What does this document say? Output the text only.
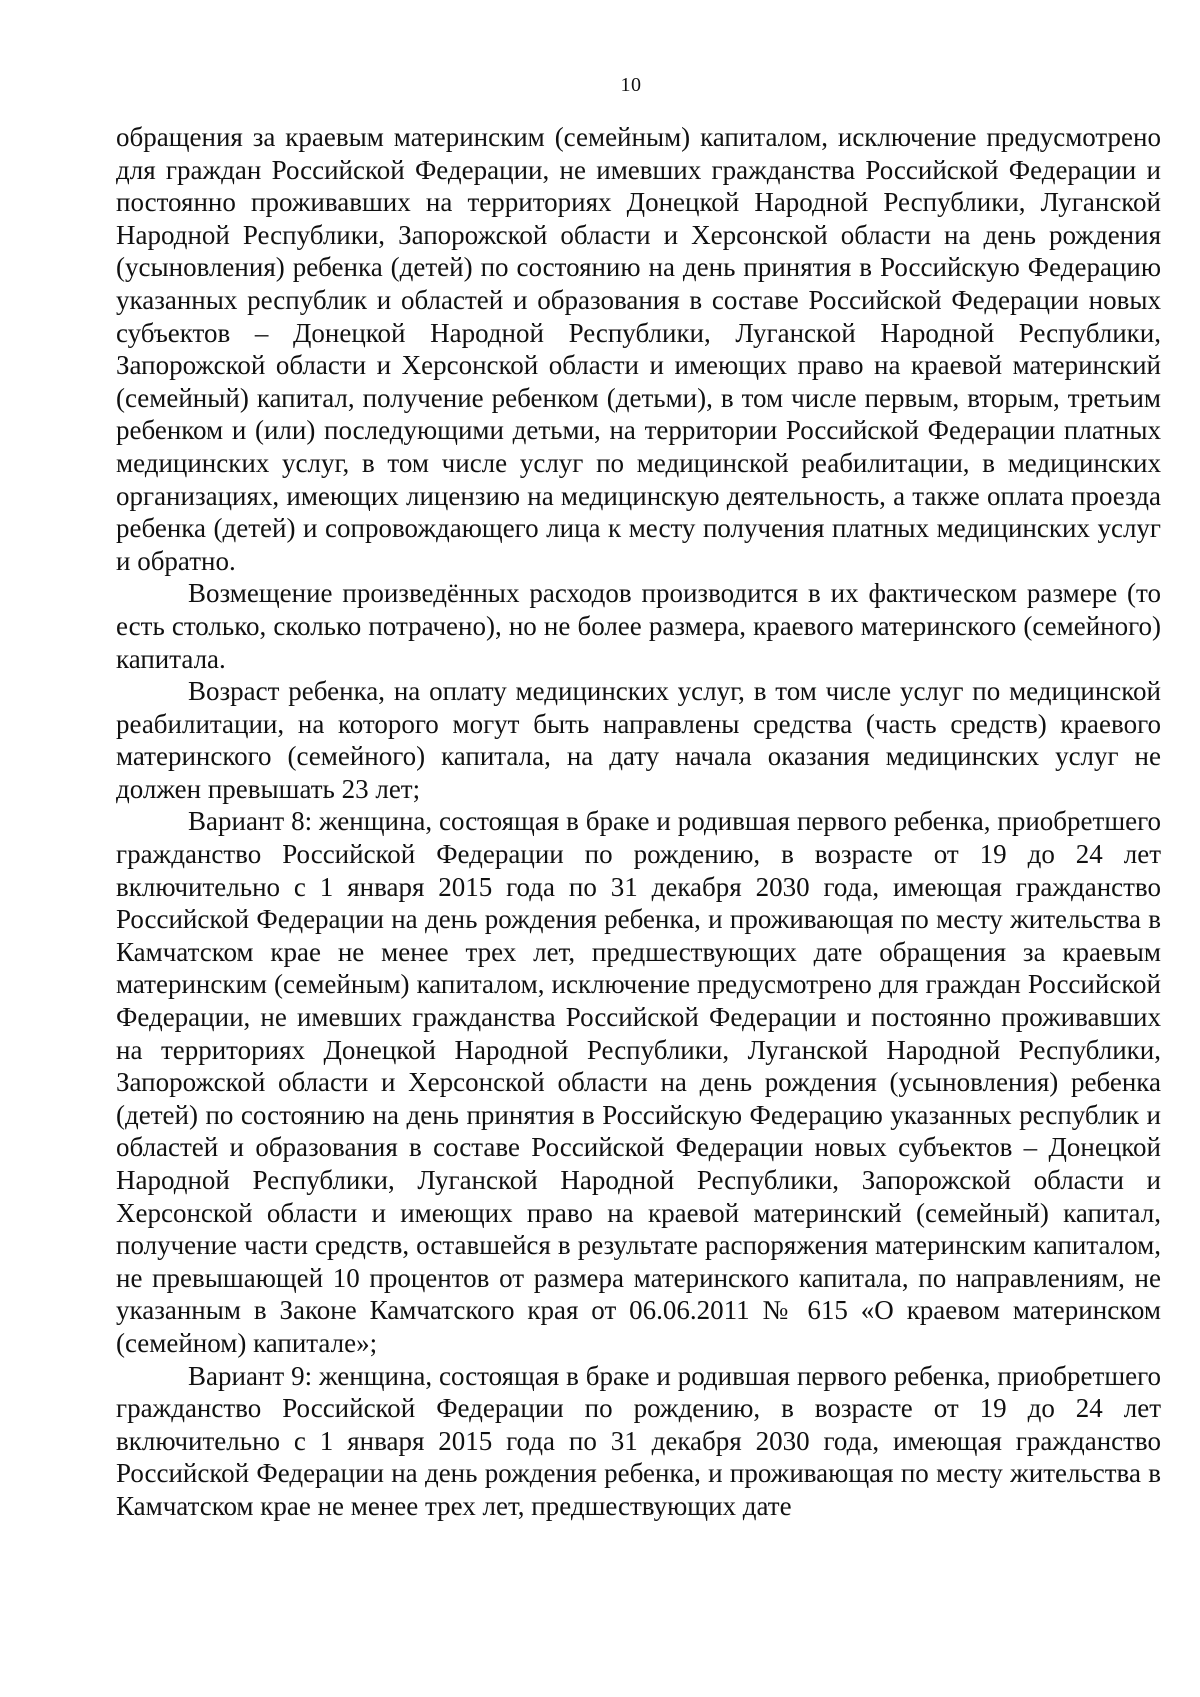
10

обращения за краевым материнским (семейным) капиталом, исключение предусмотрено для граждан Российской Федерации, не имевших гражданства Российской Федерации и постоянно проживавших на территориях Донецкой Народной Республики, Луганской Народной Республики, Запорожской области и Херсонской области на день рождения (усыновления) ребенка (детей) по состоянию на день принятия в Российскую Федерацию указанных республик и областей и образования в составе Российской Федерации новых субъектов – Донецкой Народной Республики, Луганской Народной Республики, Запорожской области и Херсонской области и имеющих право на краевой материнский (семейный) капитал, получение ребенком (детьми), в том числе первым, вторым, третьим ребенком и (или) последующими детьми, на территории Российской Федерации платных медицинских услуг, в том числе услуг по медицинской реабилитации, в медицинских организациях, имеющих лицензию на медицинскую деятельность, а также оплата проезда ребенка (детей) и сопровождающего лица к месту получения платных медицинских услуг и обратно.

Возмещение произведённых расходов производится в их фактическом размере (то есть столько, сколько потрачено), но не более размера, краевого материнского (семейного) капитала.

Возраст ребенка, на оплату медицинских услуг, в том числе услуг по медицинской реабилитации, на которого могут быть направлены средства (часть средств) краевого материнского (семейного) капитала, на дату начала оказания медицинских услуг не должен превышать 23 лет;

Вариант 8: женщина, состоящая в браке и родившая первого ребенка, приобретшего гражданство Российской Федерации по рождению, в возрасте от 19 до 24 лет включительно с 1 января 2015 года по 31 декабря 2030 года, имеющая гражданство Российской Федерации на день рождения ребенка, и проживающая по месту жительства в Камчатском крае не менее трех лет, предшествующих дате обращения за краевым материнским (семейным) капиталом, исключение предусмотрено для граждан Российской Федерации, не имевших гражданства Российской Федерации и постоянно проживавших на территориях Донецкой Народной Республики, Луганской Народной Республики, Запорожской области и Херсонской области на день рождения (усыновления) ребенка (детей) по состоянию на день принятия в Российскую Федерацию указанных республик и областей и образования в составе Российской Федерации новых субъектов – Донецкой Народной Республики, Луганской Народной Республики, Запорожской области и Херсонской области и имеющих право на краевой материнский (семейный) капитал, получение части средств, оставшейся в результате распоряжения материнским капиталом, не превышающей 10 процентов от размера материнского капитала, по направлениям, не указанным в Законе Камчатского края от 06.06.2011 № 615 «О краевом материнском (семейном) капитале»;

Вариант 9: женщина, состоящая в браке и родившая первого ребенка, приобретшего гражданство Российской Федерации по рождению, в возрасте от 19 до 24 лет включительно с 1 января 2015 года по 31 декабря 2030 года, имеющая гражданство Российской Федерации на день рождения ребенка, и проживающая по месту жительства в Камчатском крае не менее трех лет, предшествующих дате
